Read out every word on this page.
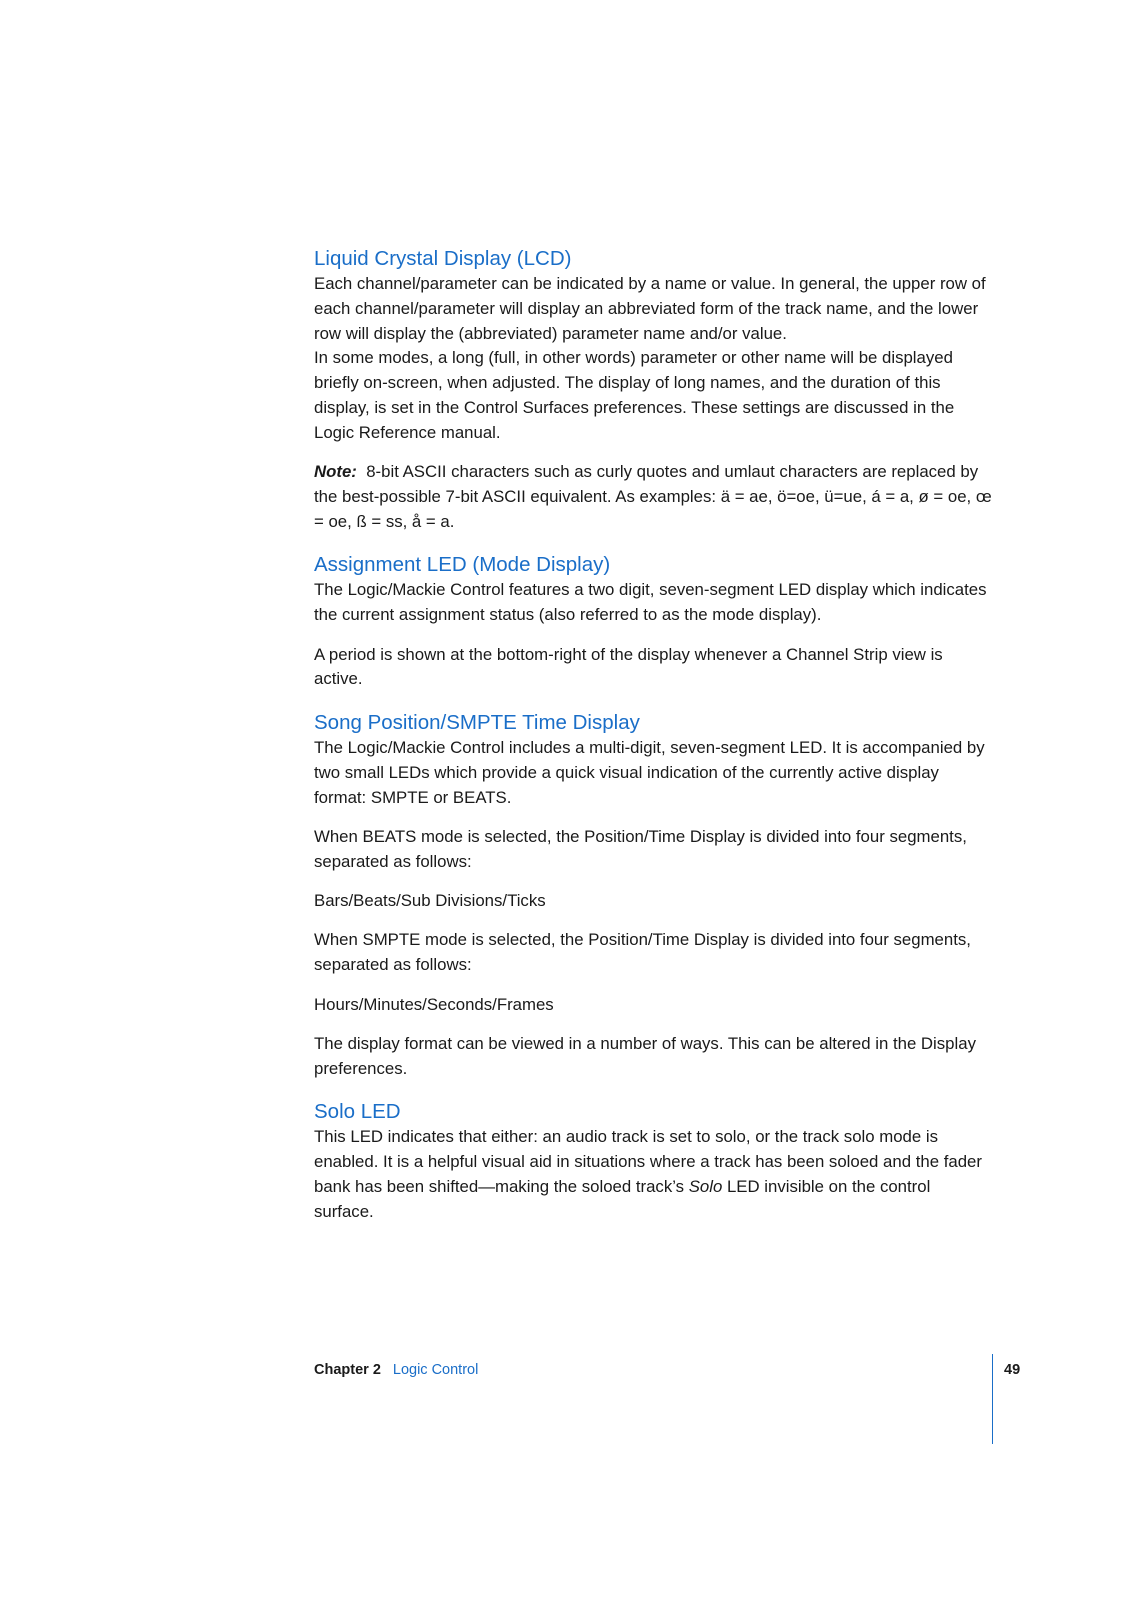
Liquid Crystal Display (LCD)

Each channel/parameter can be indicated by a name or value. In general, the upper row of each channel/parameter will display an abbreviated form of the track name, and the lower row will display the (abbreviated) parameter name and/or value.

In some modes, a long (full, in other words) parameter or other name will be displayed briefly on-screen, when adjusted. The display of long names, and the duration of this display, is set in the Control Surfaces preferences. These settings are discussed in the Logic Reference manual.

Note: 8-bit ASCII characters such as curly quotes and umlaut characters are replaced by the best-possible 7-bit ASCII equivalent. As examples: ä = ae, ö=oe, ü=ue, á = a, ø = oe, œ = oe, ß = ss, å = a.

Assignment LED (Mode Display)

The Logic/Mackie Control features a two digit, seven-segment LED display which indicates the current assignment status (also referred to as the mode display).

A period is shown at the bottom-right of the display whenever a Channel Strip view is active.

Song Position/SMPTE Time Display

The Logic/Mackie Control includes a multi-digit, seven-segment LED. It is accompanied by two small LEDs which provide a quick visual indication of the currently active display format: SMPTE or BEATS.

When BEATS mode is selected, the Position/Time Display is divided into four segments, separated as follows:

Bars/Beats/Sub Divisions/Ticks

When SMPTE mode is selected, the Position/Time Display is divided into four segments, separated as follows:

Hours/Minutes/Seconds/Frames

The display format can be viewed in a number of ways. This can be altered in the Display preferences.

Solo LED

This LED indicates that either: an audio track is set to solo, or the track solo mode is enabled. It is a helpful visual aid in situations where a track has been soloed and the fader bank has been shifted—making the soloed track’s Solo LED invisible on the control surface.

Chapter 2 Logic Control	49
